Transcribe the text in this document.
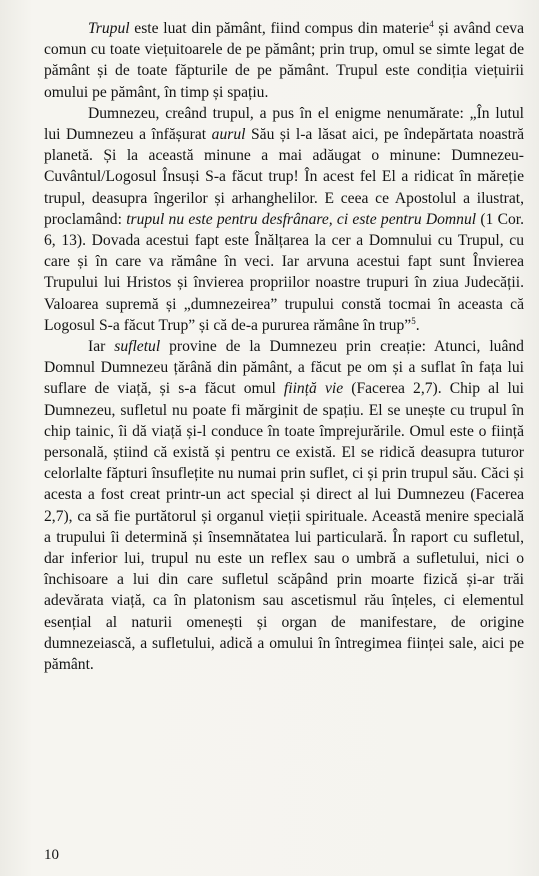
Trupul este luat din pământ, fiind compus din materie$^4$ și având ceva comun cu toate viețuitoarele de pe pământ; prin trup, omul se simte legat de pământ și de toate făpturile de pe pământ. Trupul este condiția viețuirii omului pe pământ, în timp și spațiu.

Dumnezeu, creând trupul, a pus în el enigme nenumărate: „În lutul lui Dumnezeu a înfășurat aurul Său și l-a lăsat aici, pe îndepărtata noastră planetă. Și la această minune a mai adăugat o minune: Dumnezeu-Cuvântul/Logosul Însuși S-a făcut trup! În acest fel El a ridicat în măreție trupul, deasupra îngerilor și arhanghelilor. E ceea ce Apostolul a ilustrat, proclamând: trupul nu este pentru desfrânare, ci este pentru Domnul (1 Cor. 6, 13). Dovada acestui fapt este Înălțarea la cer a Domnului cu Trupul, cu care și în care va rămâne în veci. Iar arvuna acestui fapt sunt Învierea Trupului lui Hristos și învierea propriilor noastre trupuri în ziua Judecății. Valoarea supremă și „dumnezeirea” trupului constă tocmai în aceasta că Logosul S-a făcut Trup” și că de-a pururea rămâne în trup”$^5$.

Iar sufletul provine de la Dumnezeu prin creație: Atunci, luând Domnul Dumnezeu țărână din pământ, a făcut pe om și a suflat în fața lui suflare de viață, și s-a făcut omul ființă vie (Facerea 2,7). Chip al lui Dumnezeu, sufletul nu poate fi mărginit de spațiu. El se unește cu trupul în chip tainic, îi dă viață și-l conduce în toate împrejurările. Omul este o ființă personală, știind că există și pentru ce există. El se ridică deasupra tuturor celorlalte făpturi însuflețite nu numai prin suflet, ci și prin trupul său. Căci și acesta a fost creat printr-un act special și direct al lui Dumnezeu (Facerea 2,7), ca să fie purtătorul și organul vieții spirituale. Această menire specială a trupului îi determină și însemnătatea lui particulară. În raport cu sufletul, dar inferior lui, trupul nu este un reflex sau o umbră a sufletului, nici o închisoare a lui din care sufletul scăpând prin moarte fizică și-ar trăi adevărata viață, ca în platonism sau ascetismul rău înțeles, ci elementul esențial al naturii omenești și organ de manifestare, de origine dumnezeiască, a sufletului, adică a omului în întregimea ființei sale, aici pe pământ.

10
